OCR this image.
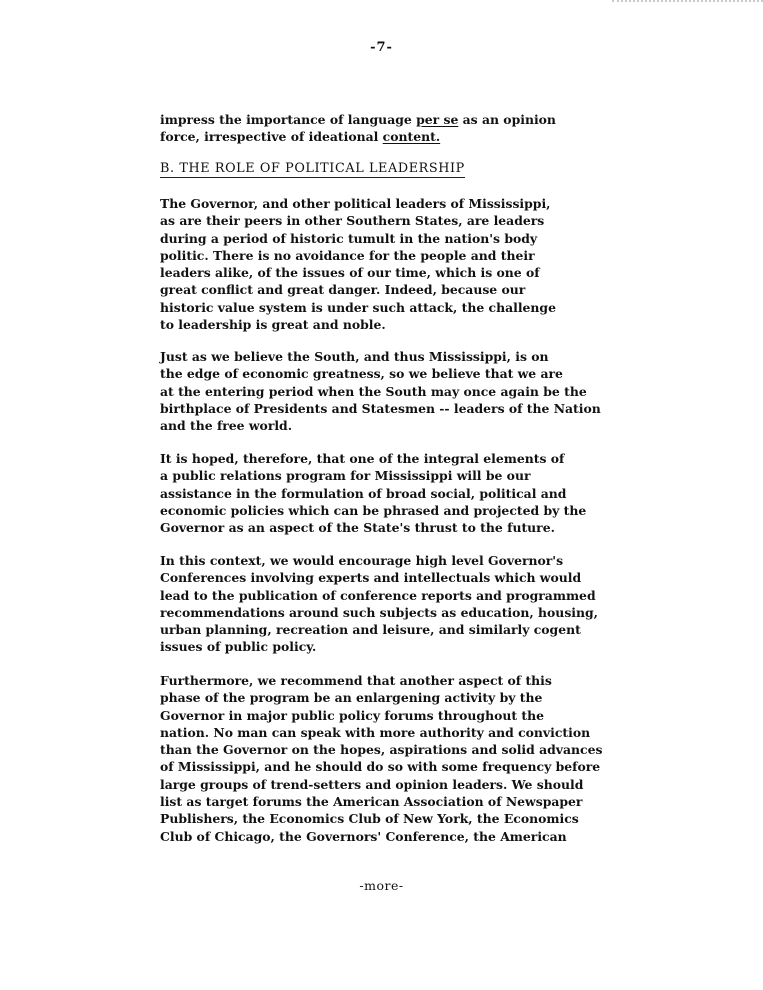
-7-
impress the importance of language per se as an opinion
force, irrespective of ideational content.
B. THE ROLE OF POLITICAL LEADERSHIP
The Governor, and other political leaders of Mississippi,
as are their peers in other Southern States, are leaders
during a period of historic tumult in the nation's body
politic. There is no avoidance for the people and their
leaders alike, of the issues of our time, which is one of
great conflict and great danger. Indeed, because our
historic value system is under such attack, the challenge
to leadership is great and noble.
Just as we believe the South, and thus Mississippi, is on
the edge of economic greatness, so we believe that we are
at the entering period when the South may once again be the
birthplace of Presidents and Statesmen -- leaders of the Nation
and the free world.
It is hoped, therefore, that one of the integral elements of
a public relations program for Mississippi will be our
assistance in the formulation of broad social, political and
economic policies which can be phrased and projected by the
Governor as an aspect of the State's thrust to the future.
In this context, we would encourage high level Governor's
Conferences involving experts and intellectuals which would
lead to the publication of conference reports and programmed
recommendations around such subjects as education, housing,
urban planning, recreation and leisure, and similarly cogent
issues of public policy.
Furthermore, we recommend that another aspect of this
phase of the program be an enlargening activity by the
Governor in major public policy forums throughout the
nation. No man can speak with more authority and conviction
than the Governor on the hopes, aspirations and solid advances
of Mississippi, and he should do so with some frequency before
large groups of trend-setters and opinion leaders. We should
list as target forums the American Association of Newspaper
Publishers, the Economics Club of New York, the Economics
Club of Chicago, the Governors' Conference, the American
-more-
